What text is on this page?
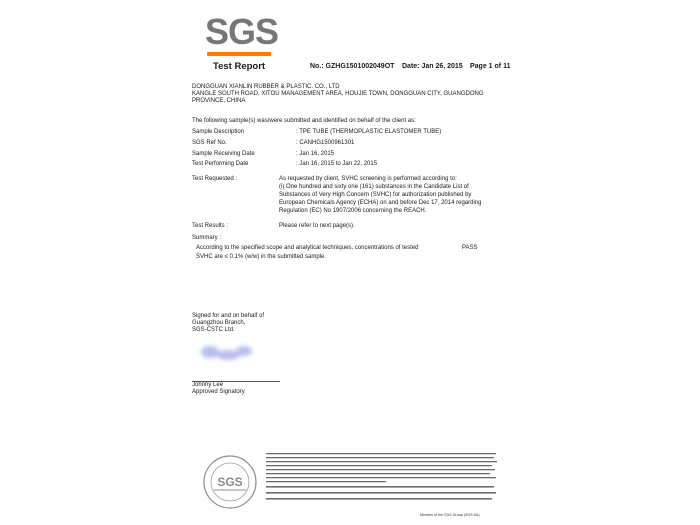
SGS
Test Report	No.: GZHG1501002049OT Date: Jan 26, 2015 Page 1 of 11
DONGGUAN XIANLIN RUBBER & PLASTIC. CO., LTD
KANGLE SOUTH ROAD, XITOU MANAGEMENT AREA, HOUJIE TOWN, DONGGUAN CITY, GUANGDONG
PROVINCE, CHINA
The following sample(s) was/were submitted and identified on behalf of the client as:
Sample Description	: TPE TUBE (THERMOPLASTIC ELASTOMER TUBE)
SGS Ref No.	: CANHG1500961301
Sample Receiving Date	: Jan 16, 2015
Test Performing Date	: Jan 16, 2015 to Jan 22, 2015
Test Requested :	As requested by client, SVHC screening is performed according to:
(i) One hundred and sixty one (161) substances in the Candidate List of
Substances of Very High Concern (SVHC) for authorization published by
European Chemicals Agency (ECHA) on and before Dec 17, 2014 regarding
Regulation (EC) No 1907/2006 concerning the REACH.
Test Results :	Please refer to next page(s).
Summary :
According to the specified scope and analytical techniques, concentrations of tested
SVHC are ≤ 0.1% (w/w) in the submitted sample.
PASS
Signed for and on behalf of
Guangzhou Branch,
SGS-CSTC Ltd.
Johnny Lee
Approved Signatory
SGS
Member of the SGS Group (SGS SA)
